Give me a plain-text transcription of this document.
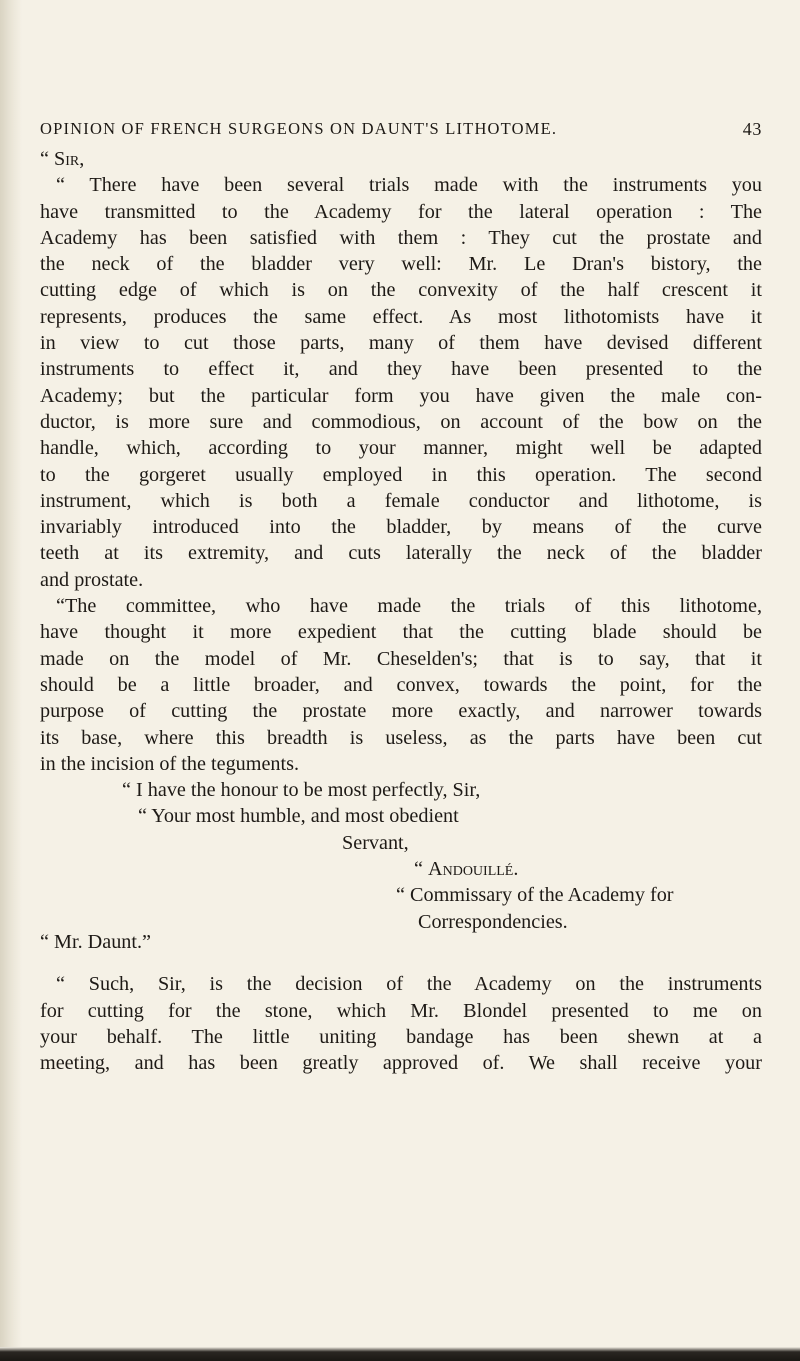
OPINION OF FRENCH SURGEONS ON DAUNT'S LITHOTOME.	43
“ Sir,
“ There have been several trials made with the instruments you
have transmitted to the Academy for the lateral operation : The
Academy has been satisfied with them : They cut the prostate and
the neck of the bladder very well: Mr. Le Dran's bistory, the
cutting edge of which is on the convexity of the half crescent it
represents, produces the same effect. As most lithotomists have it
in view to cut those parts, many of them have devised different
instruments to effect it, and they have been presented to the
Academy; but the particular form you have given the male con-
ductor, is more sure and commodious, on account of the bow on the
handle, which, according to your manner, might well be adapted
to the gorgeret usually employed in this operation. The second
instrument, which is both a female conductor and lithotome, is
invariably introduced into the bladder, by means of the curve
teeth at its extremity, and cuts laterally the neck of the bladder
and prostate.
“The committee, who have made the trials of this lithotome,
have thought it more expedient that the cutting blade should be
made on the model of Mr. Cheselden's; that is to say, that it
should be a little broader, and convex, towards the point, for the
purpose of cutting the prostate more exactly, and narrower towards
its base, where this breadth is useless, as the parts have been cut
in the incision of the teguments.
“ I have the honour to be most perfectly, Sir,
“ Your most humble, and most obedient
Servant,
“ Andouillé.
“ Commissary of the Academy for
Correspondencies.
“ Mr. Daunt.”
“ Such, Sir, is the decision of the Academy on the instruments
for cutting for the stone, which Mr. Blondel presented to me on
your behalf. The little uniting bandage has been shewn at a
meeting, and has been greatly approved of. We shall receive your
